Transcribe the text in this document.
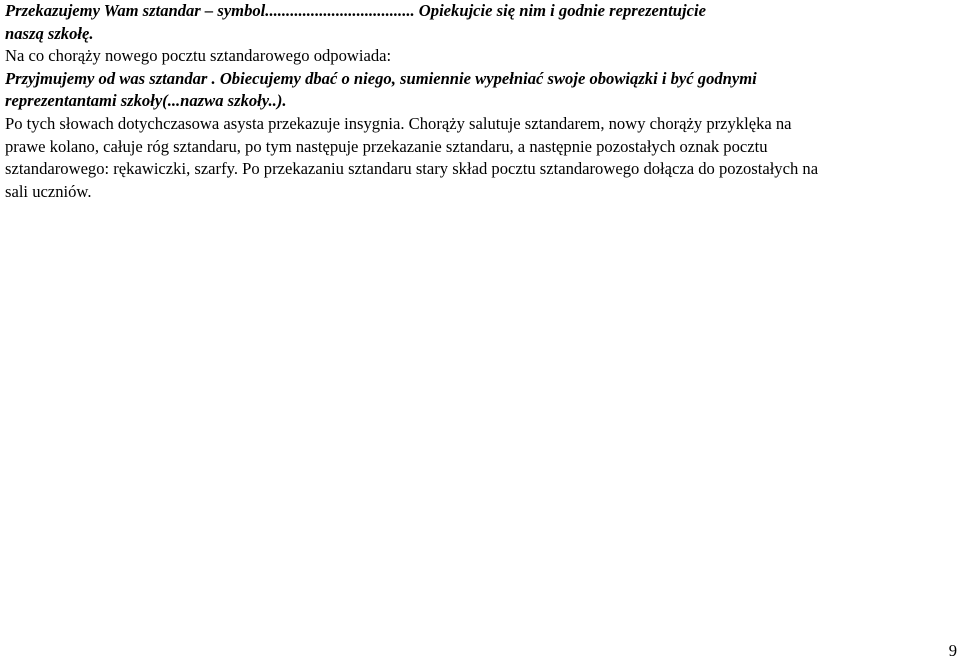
Przekazujemy Wam sztandar – symbol.................................... Opiekujcie się nim i godnie reprezentujcie

naszą szkołę.

Na co chorąży nowego pocztu sztandarowego odpowiada:

Przyjmujemy od was sztandar . Obiecujemy dbać o niego, sumiennie wypełniać swoje obowiązki i być godnymi

reprezentantami szkoły(...nazwa szkoły..).

Po tych słowach dotychczasowa asysta przekazuje insygnia. Chorąży salutuje sztandarem, nowy chorąży przyklęka na

prawe kolano, całuje róg sztandaru, po tym następuje przekazanie sztandaru, a następnie pozostałych oznak pocztu

sztandarowego: rękawiczki, szarfy. Po przekazaniu sztandaru stary skład pocztu sztandarowego dołącza do pozostałych na

sali uczniów.

9
